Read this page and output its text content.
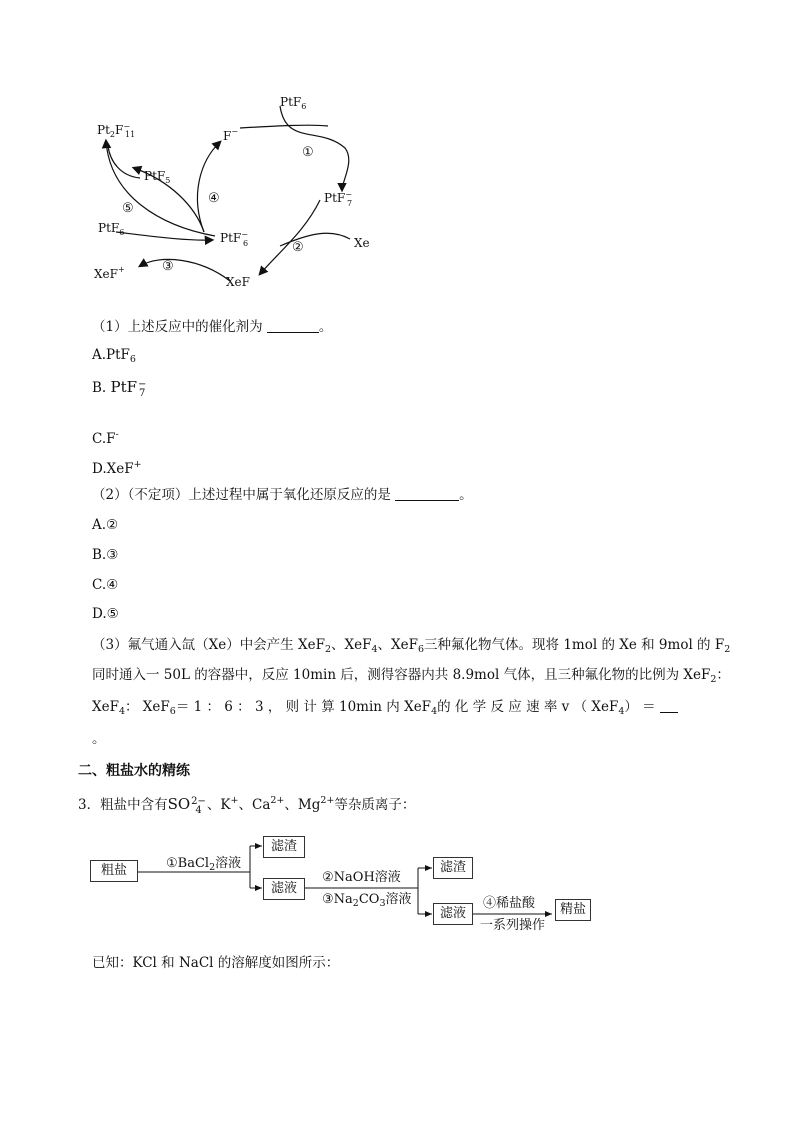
PtF$_6$
F−
$Pt_2F^-$ 11
PtF$_5$
PtF− 7
PtF$_6$	PtF− 6	Xe
XeF+
XeF
①
②
③
④
⑤
（1）上述反应中的催化剂为	。
A.PtF$_6$
B. PtF −
7
C.F-
D.XeF+
（2）（不定项）上述过程中属于氧化还原反应的是	。
A.②
B.③
C.④
D.⑤
（3）氟气通入氙（Xe）中会产生 XeF$_2$、XeF$_4$、XeF$_6$三种氟化物气体。现将 1mol 的 Xe 和 9mol 的 $F_2$
同时通入一 50L 的容器中，反应 10min 后，测得容器内共 8.9mol 气体，且三种氟化物的比例为 XeF$_2$：
XeF$_4$： XeF$_6$＝ 1 ： 6 ： 3 ， 则 计 算 10min 内 XeF$_4$的 化 学 反 应 速 率 v （ XeF$_4$） ＝
。
二、粗盐水的精练
3．粗盐中含有SO 2−
4 、K+、$Ca^{2+}$、$Mg^{2+}$等杂质离子：
粗盐	①BaCl$_2$溶液
滤渣
滤液
②NaOH溶液
$③Na_2CO_3$溶液
滤渣
滤液
④稀盐酸
一系列操作
精盐
已知：KCl 和 NaCl 的溶解度如图所示：
